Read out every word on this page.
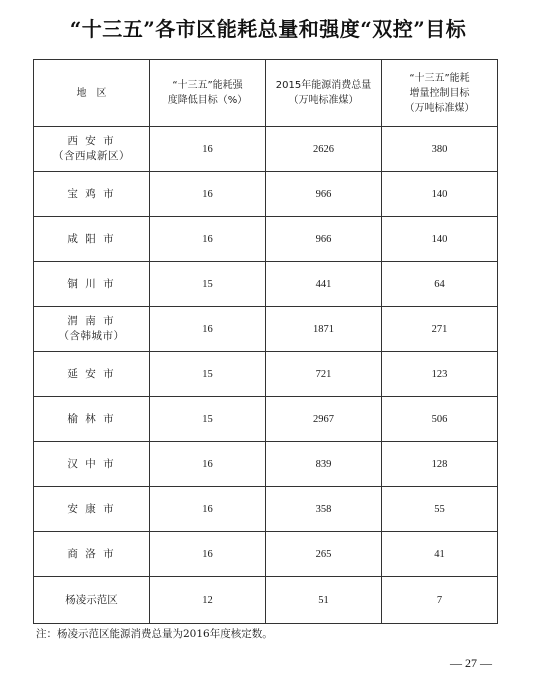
“十三五”各市区能耗总量和强度“双控”目标
地　区	“十三五”能耗强
度降低目标（%）	2015年能源消费总量
（万吨标准煤）	“十三五”能耗
增量控制目标
（万吨标准煤）

西 安 市
（含西咸新区）	16	2626	380

宝 鸡 市	16	966	140

咸 阳 市	16	966	140

铜 川 市	15	441	64

渭 南 市
（含韩城市）	16	1871	271

延 安 市	15	721	123

榆 林 市	15	2967	506

汉 中 市	16	839	128

安 康 市	16	358	55

商 洛 市	16	265	41

杨凌示范区	12	51	7
注：杨凌示范区能源消费总量为2016年度核定数。
— 27 —
